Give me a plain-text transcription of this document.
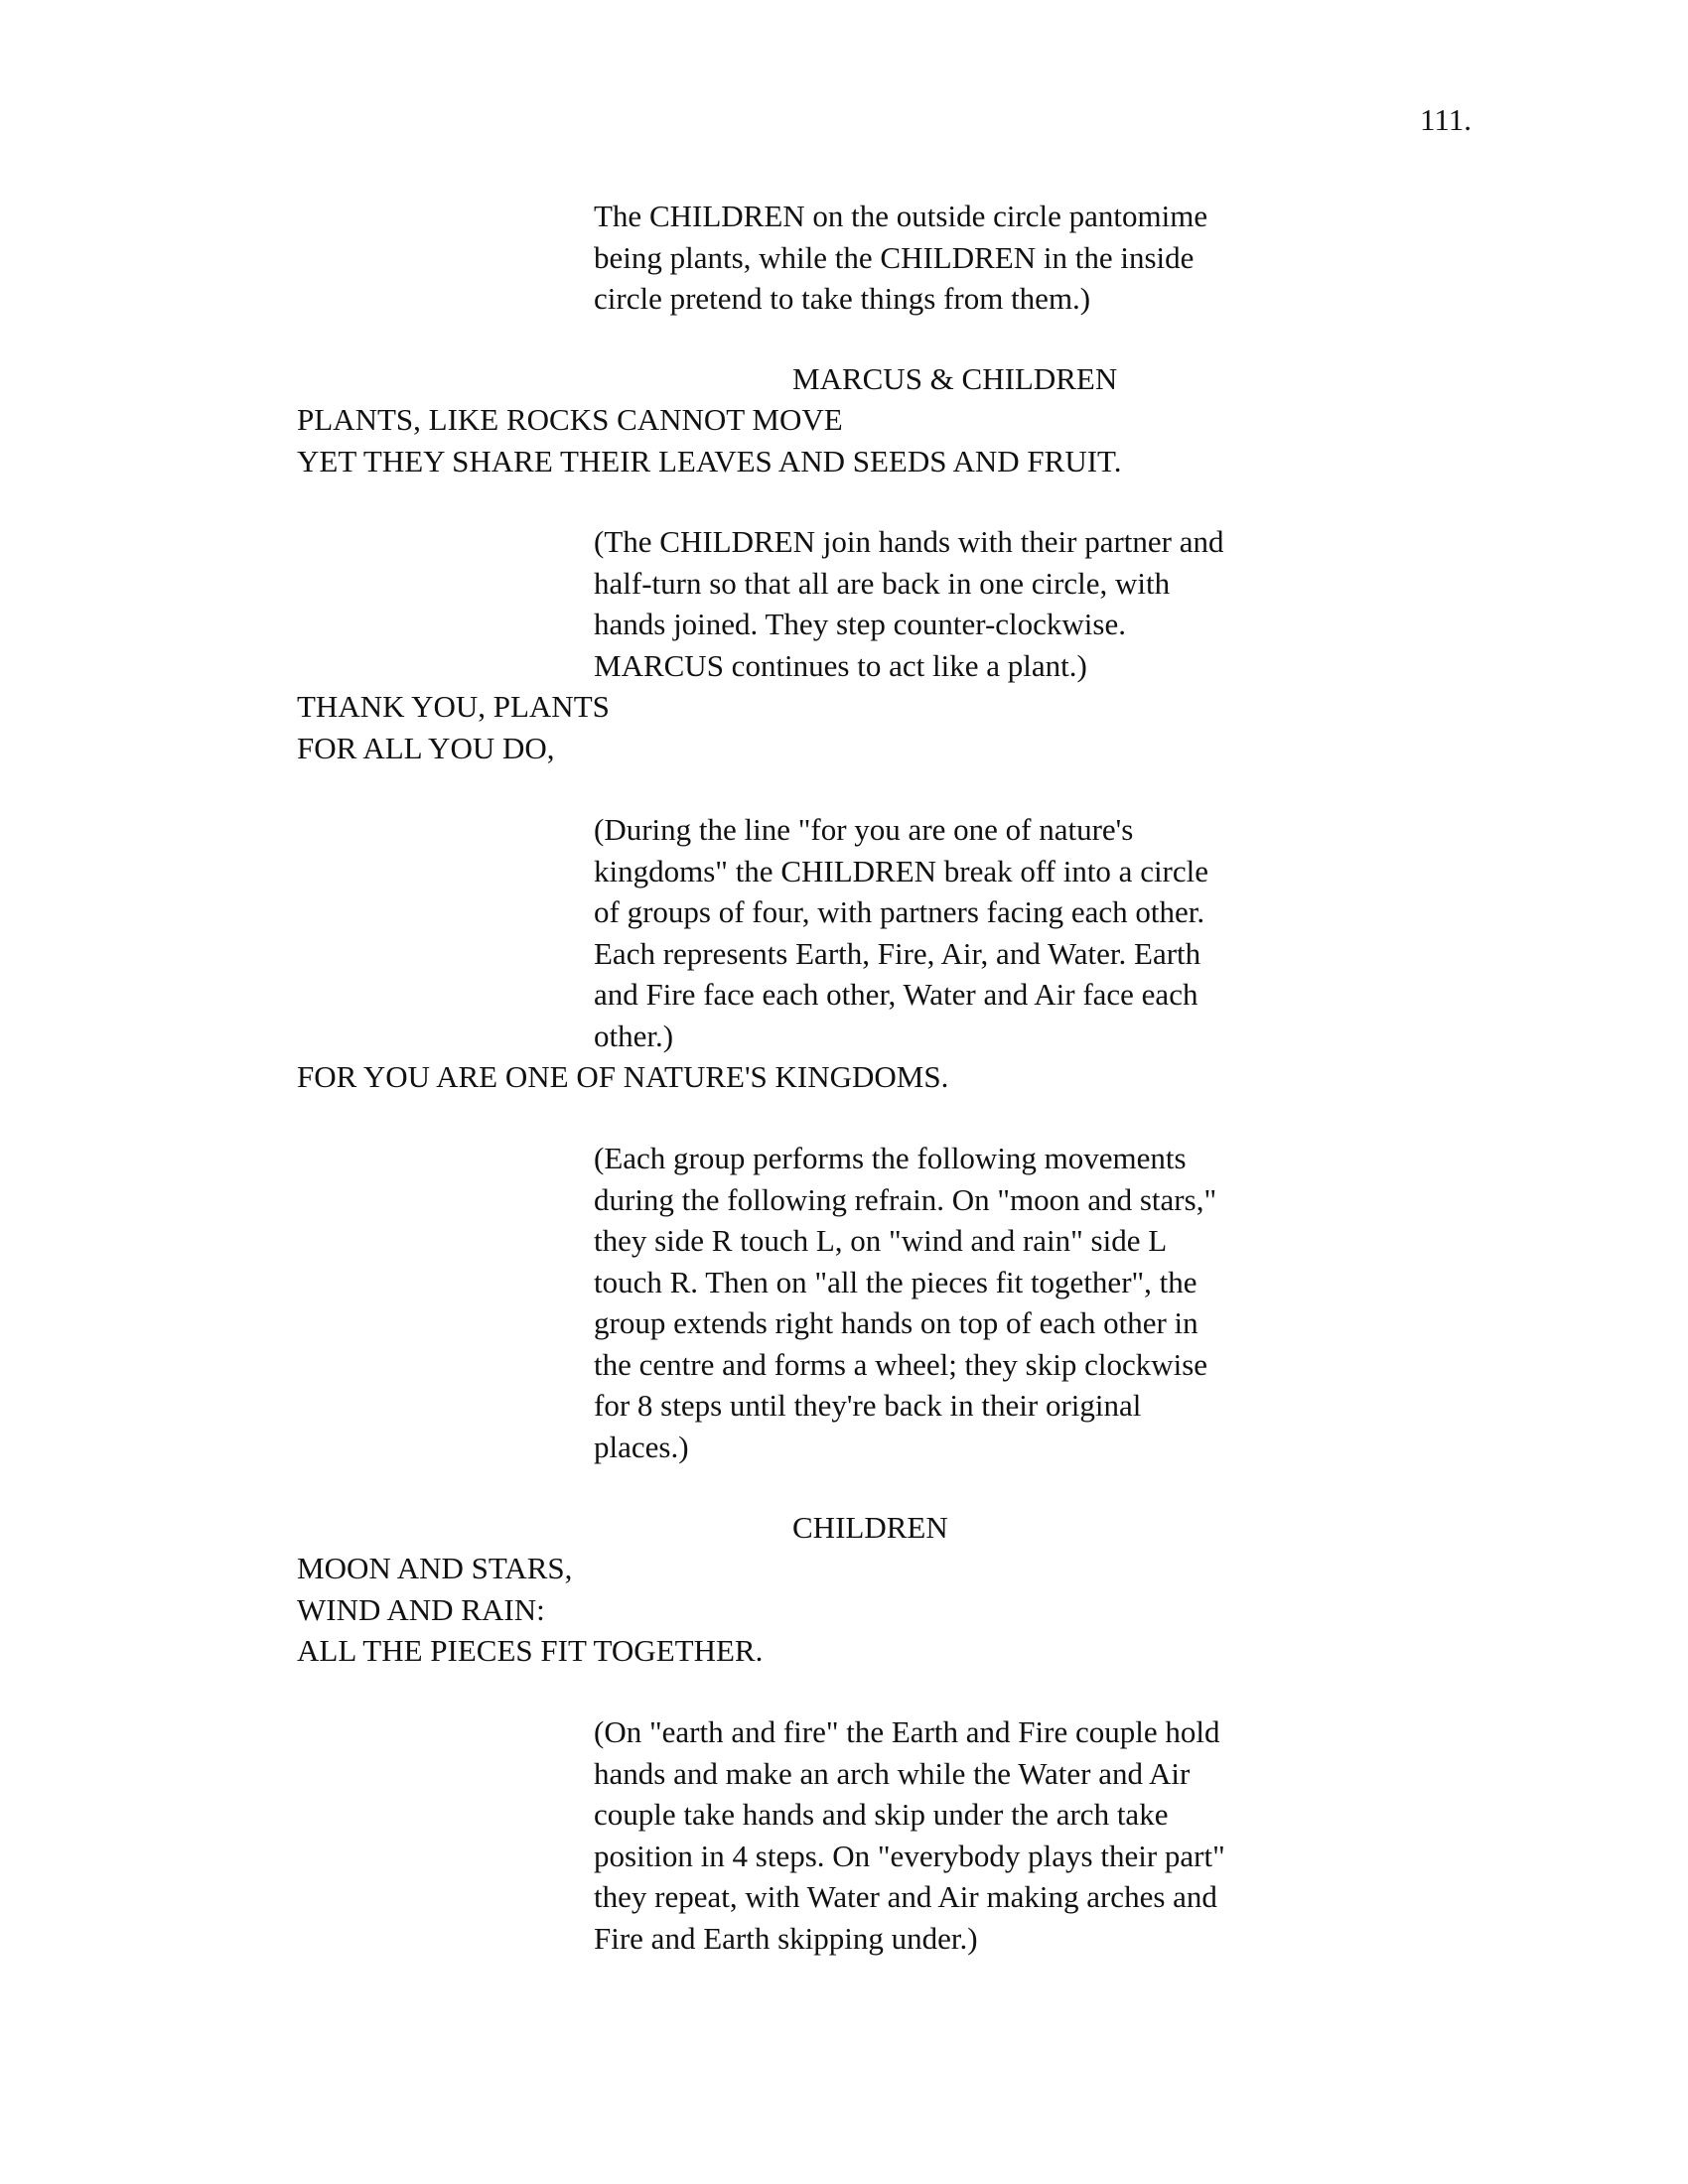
111.
The CHILDREN on the outside circle pantomime
being plants, while the CHILDREN in the inside
circle pretend to take things from them.)
MARCUS & CHILDREN
PLANTS, LIKE ROCKS CANNOT MOVE
YET THEY SHARE THEIR LEAVES AND SEEDS AND FRUIT.
(The CHILDREN join hands with their partner and
half-turn so that all are back in one circle, with
hands joined. They step counter-clockwise.
MARCUS continues to act like a plant.)
THANK YOU, PLANTS
FOR ALL YOU DO,
(During the line "for you are one of nature's
kingdoms" the CHILDREN break off into a circle
of groups of four, with partners facing each other.
Each represents Earth, Fire, Air, and Water. Earth
and Fire face each other, Water and Air face each
other.)
FOR YOU ARE ONE OF NATURE'S KINGDOMS.
(Each group performs the following movements
during the following refrain. On "moon and stars,"
they side R touch L, on "wind and rain" side L
touch R. Then on "all the pieces fit together", the
group extends right hands on top of each other in
the centre and forms a wheel; they skip clockwise
for 8 steps until they're back in their original
places.)
CHILDREN
MOON AND STARS,
WIND AND RAIN:
ALL THE PIECES FIT TOGETHER.
(On "earth and fire" the Earth and Fire couple hold
hands and make an arch while the Water and Air
couple take hands and skip under the arch take
position in 4 steps. On "everybody plays their part"
they repeat, with Water and Air making arches and
Fire and Earth skipping under.)
